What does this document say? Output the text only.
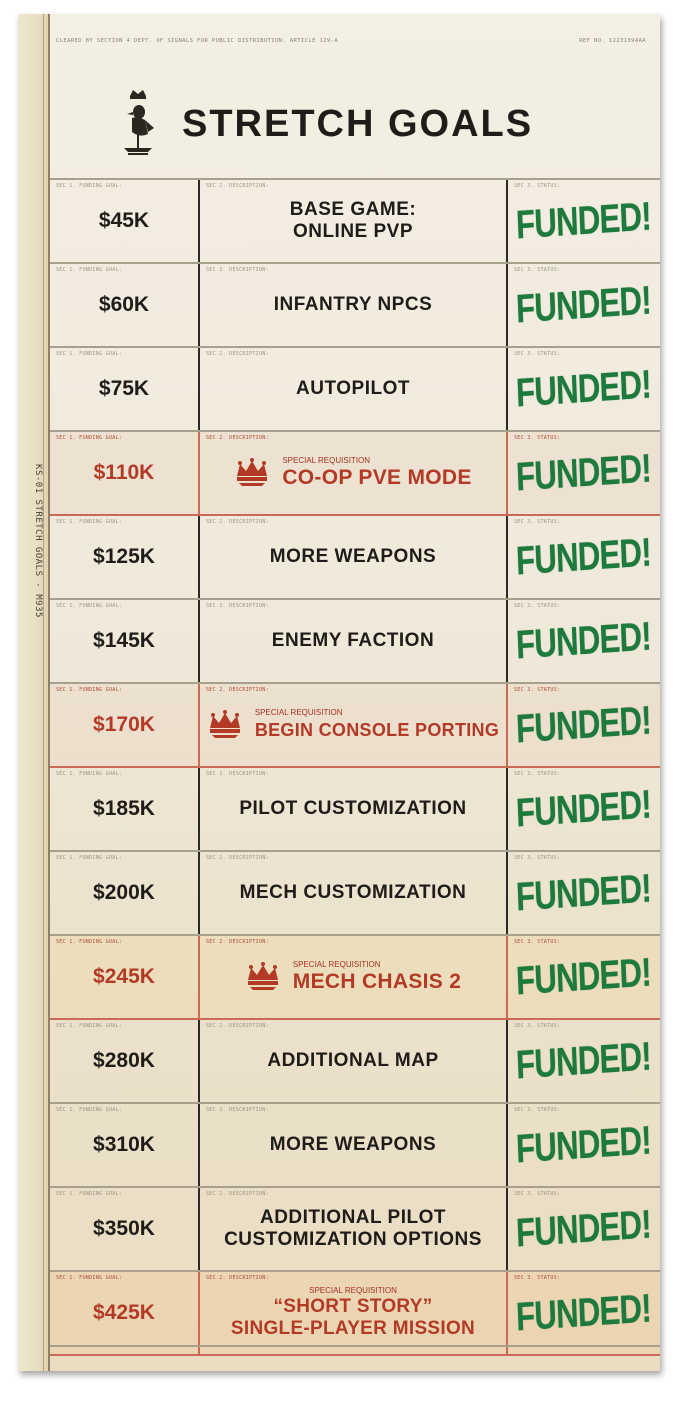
KS-01 STRETCH GOALS - M935
CLEARED BY SECTION 4 DEPT. OF SIGNALS FOR PUBLIC DISTRIBUTION. ARTICLE 129-A	REF NO. 12231394AA
STRETCH GOALS
SEC 1. FUNDING GOAL:
$45K
SEC 2. DESCRIPTION:
BASE GAME:
ONLINE PVP
SEC 3. STATUS:
FUNDED!
SEC 1. FUNDING GOAL:
$60K
SEC 2. DESCRIPTION:
INFANTRY NPCS
SEC 3. STATUS:
FUNDED!
SEC 1. FUNDING GOAL:
$75K
SEC 2. DESCRIPTION:
AUTOPILOT
SEC 3. STATUS:
FUNDED!
SEC 1. FUNDING GOAL:
$110K
SEC 2. DESCRIPTION:
SPECIAL REQUISITION
CO-OP PVE MODE
SEC 3. STATUS:
FUNDED!
SEC 1. FUNDING GOAL:
$125K
SEC 2. DESCRIPTION:
MORE WEAPONS
SEC 3. STATUS:
FUNDED!
SEC 1. FUNDING GOAL:
$145K
SEC 2. DESCRIPTION:
ENEMY FACTION
SEC 3. STATUS:
FUNDED!
SEC 1. FUNDING GOAL:
$170K
SEC 2. DESCRIPTION:
SPECIAL REQUISITION
BEGIN CONSOLE PORTING
SEC 3. STATUS:
FUNDED!
SEC 1. FUNDING GOAL:
$185K
SEC 2. DESCRIPTION:
PILOT CUSTOMIZATION
SEC 3. STATUS:
FUNDED!
SEC 1. FUNDING GOAL:
$200K
SEC 2. DESCRIPTION:
MECH CUSTOMIZATION
SEC 3. STATUS:
FUNDED!
SEC 1. FUNDING GOAL:
$245K
SEC 2. DESCRIPTION:
SPECIAL REQUISITION
MECH CHASIS 2
SEC 3. STATUS:
FUNDED!
SEC 1. FUNDING GOAL:
$280K
SEC 2. DESCRIPTION:
ADDITIONAL MAP
SEC 3. STATUS:
FUNDED!
SEC 1. FUNDING GOAL:
$310K
SEC 2. DESCRIPTION:
MORE WEAPONS
SEC 3. STATUS:
FUNDED!
SEC 1. FUNDING GOAL:
$350K
SEC 2. DESCRIPTION:
ADDITIONAL PILOT
CUSTOMIZATION OPTIONS
SEC 3. STATUS:
FUNDED!
SEC 1. FUNDING GOAL:
$425K
SEC 2. DESCRIPTION:
SPECIAL REQUISITION
“SHORT STORY”
SINGLE-PLAYER MISSION
SEC 3. STATUS:
FUNDED!
